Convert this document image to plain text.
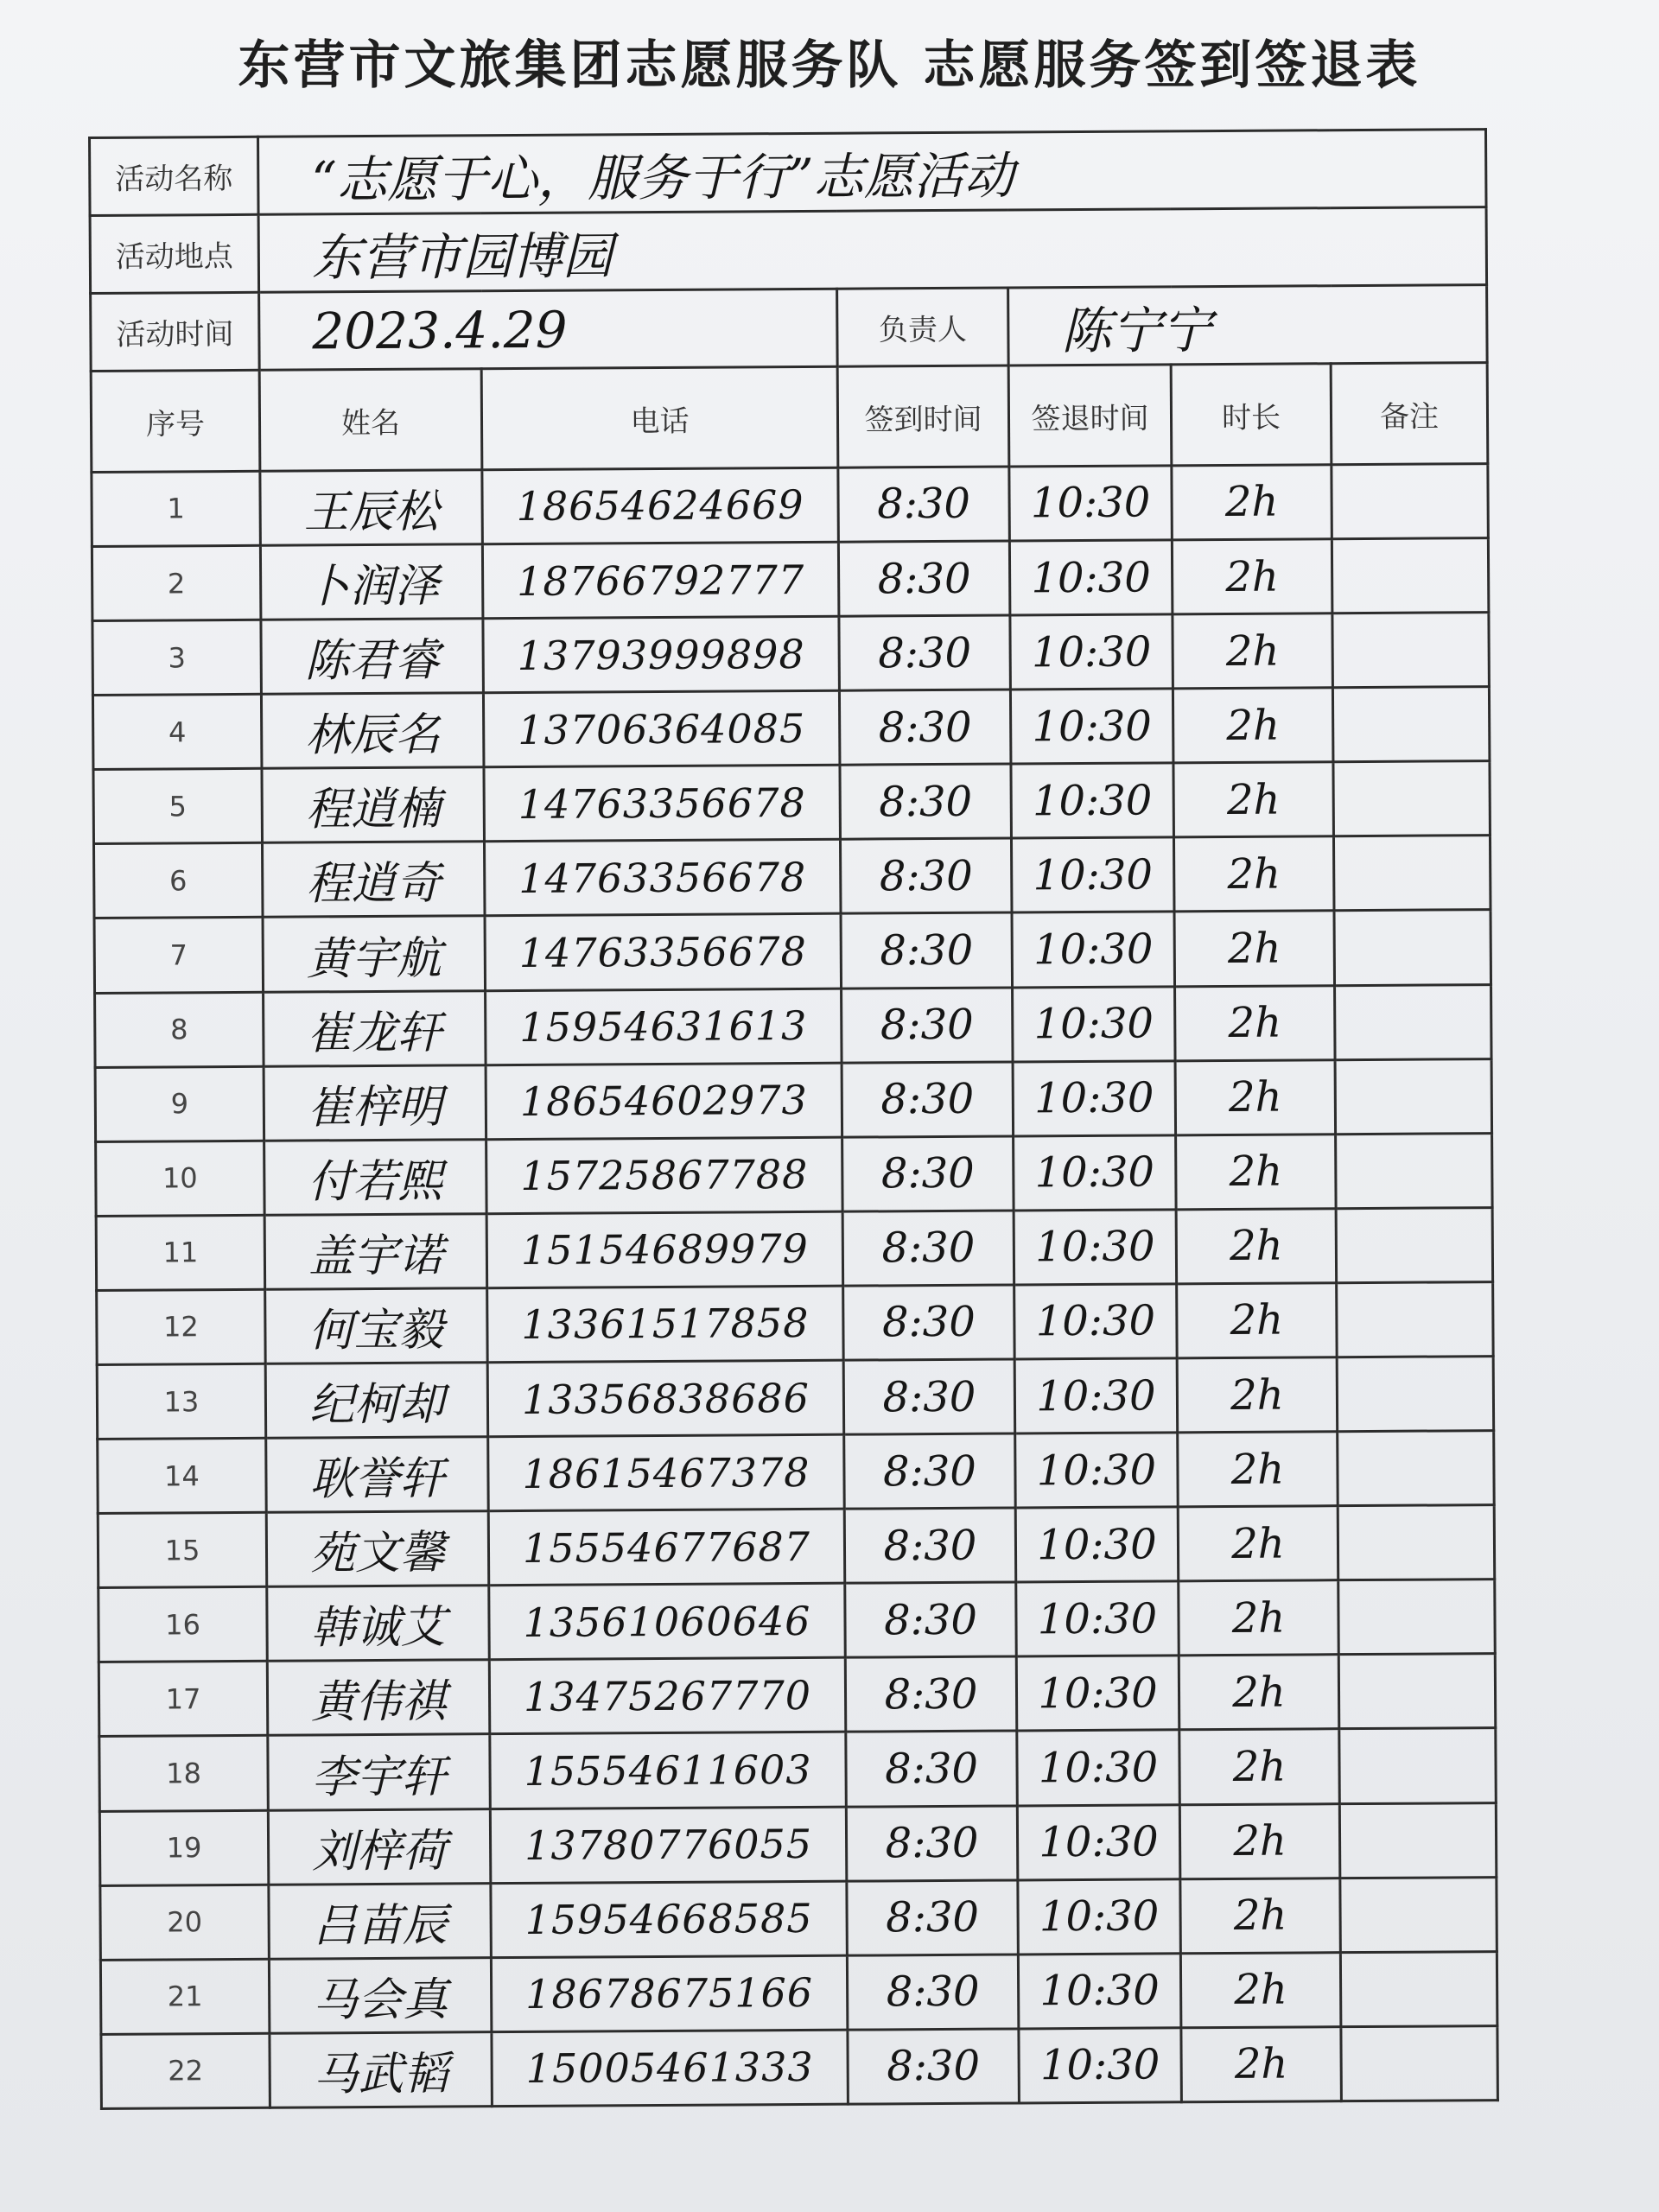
东营市文旅集团志愿服务队 志愿服务签到签退表
活动名称	“志愿于心，服务于行”志愿活动					
活动地点	东营市园博园					
活动时间	2023.4.29		负责人	陈宁宁		
序号	姓名	电话	签到时间	签退时间	时长	备注
1	王辰松	18654624669	8:30	10:30	2h	
2	卜润泽	18766792777	8:30	10:30	2h	
3	陈君睿	13793999898	8:30	10:30	2h	
4	林辰名	13706364085	8:30	10:30	2h	
5	程逍楠	14763356678	8:30	10:30	2h	
6	程逍奇	14763356678	8:30	10:30	2h	
7	黄宇航	14763356678	8:30	10:30	2h	
8	崔龙轩	15954631613	8:30	10:30	2h	
9	崔梓明	18654602973	8:30	10:30	2h	
10	付若熙	15725867788	8:30	10:30	2h	
11	盖宇诺	15154689979	8:30	10:30	2h	
12	何宝毅	13361517858	8:30	10:30	2h	
13	纪柯却	13356838686	8:30	10:30	2h	
14	耿誉轩	18615467378	8:30	10:30	2h	
15	苑文馨	15554677687	8:30	10:30	2h	
16	韩诚艾	13561060646	8:30	10:30	2h	
17	黄伟祺	13475267770	8:30	10:30	2h	
18	李宇轩	15554611603	8:30	10:30	2h	
19	刘梓荷	13780776055	8:30	10:30	2h	
20	吕苗辰	15954668585	8:30	10:30	2h	
21	马会真	18678675166	8:30	10:30	2h	
22	马武韬	15005461333	8:30	10:30	2h	
